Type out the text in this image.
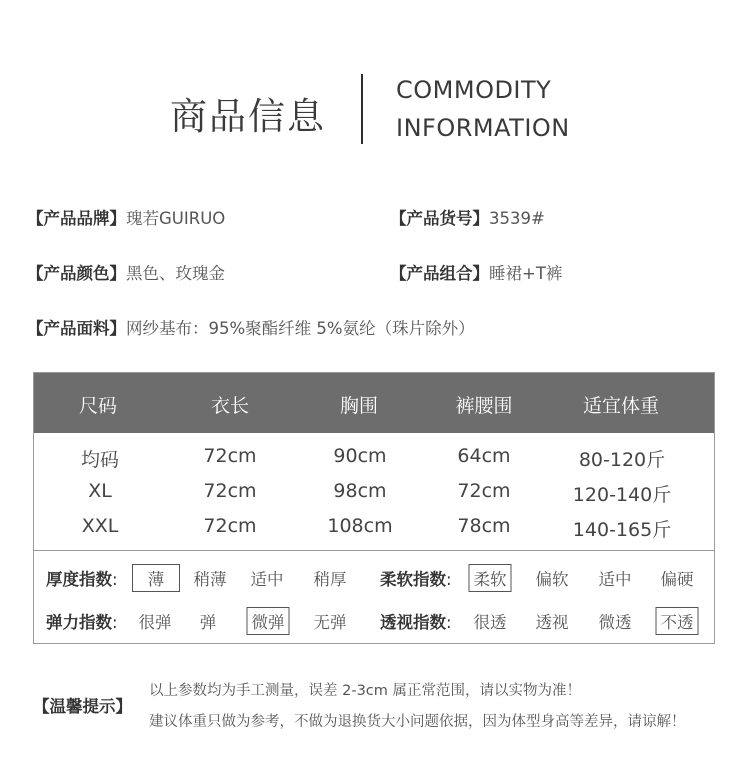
商品信息
COMMODITY
INFORMATION
【产品品牌】瑰若GUIRUO	【产品货号】3539#
【产品颜色】黑色、玫瑰金	【产品组合】睡裙+T裤
【产品面料】网纱基布：95%聚酯纤维 5%氨纶（珠片除外）
尺码	衣长	胸围	裤腰围	适宜体重
均码	72cm	90cm	64cm	80-120斤
XL	72cm	98cm	72cm	120-140斤
XXL	72cm	108cm	78cm	140-165斤
厚度指数:	薄	稍薄 适中 稍厚 柔软指数:	柔软	偏软 适中 偏硬
弹力指数: 很弹 弹	微弹	无弹 透视指数: 很透 透视 微透	不透
【温馨提示】
以上参数均为手工测量，误差 2-3cm 属正常范围，请以实物为准！
建议体重只做为参考，不做为退换货大小问题依据，因为体型身高等差异，请谅解！
